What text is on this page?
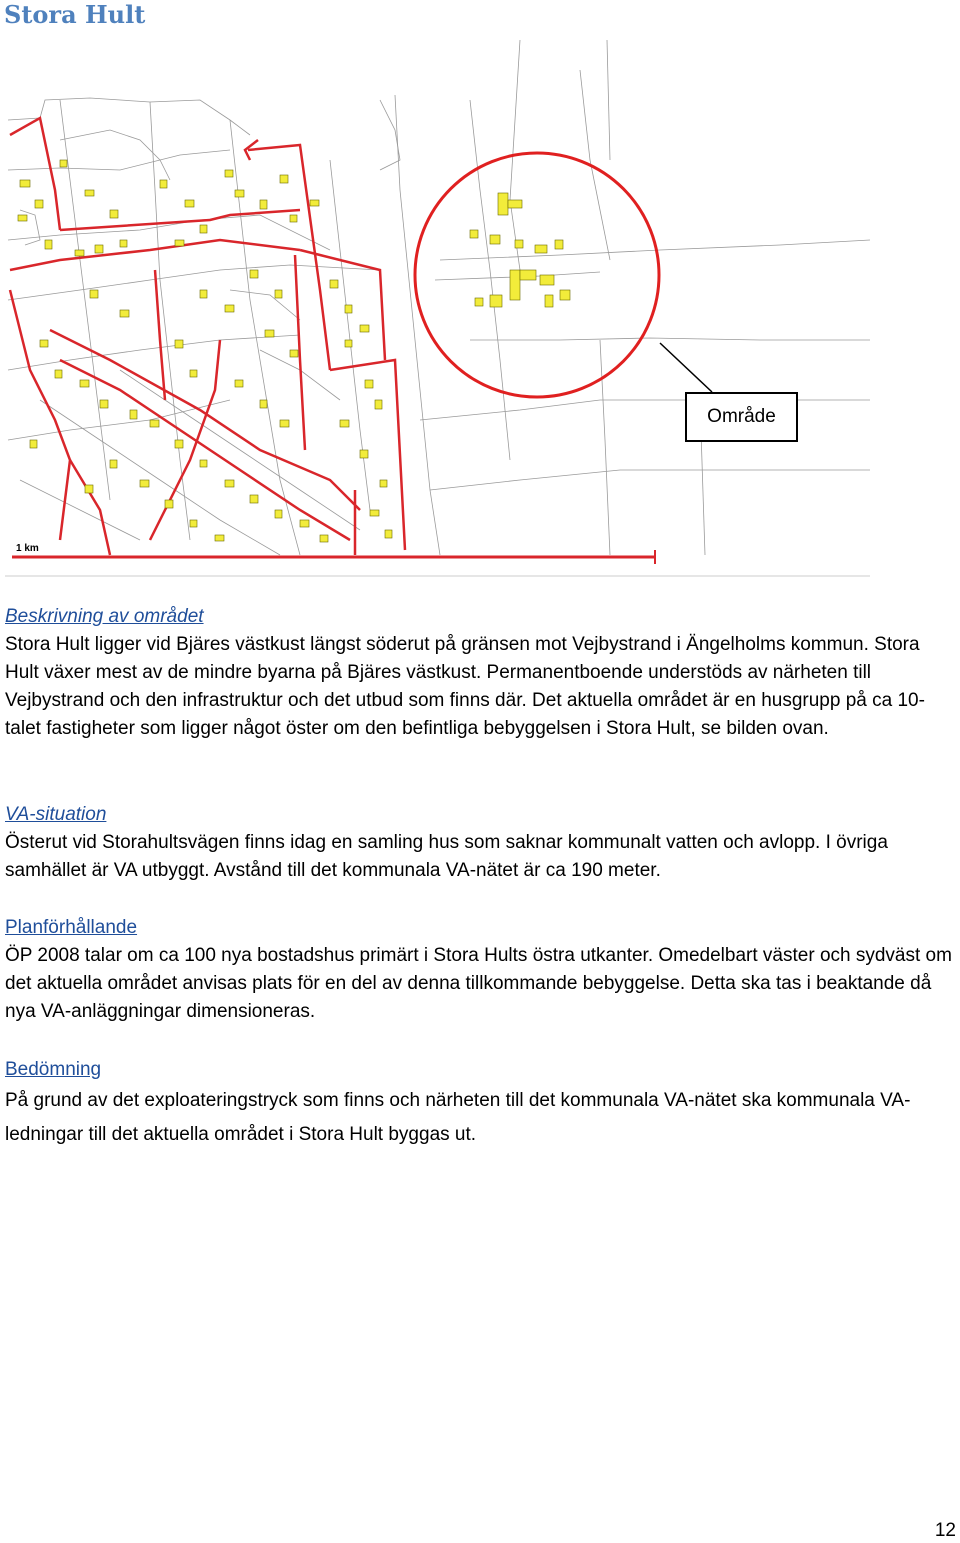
Stora Hult
1 km
Område
Beskrivning av området

Stora Hult ligger vid Bjäres västkust längst söderut på gränsen mot Vejbystrand i Ängelholms kommun. Stora Hult växer mest av de mindre byarna på Bjäres västkust. Permanentboende understöds av närheten till Vejbystrand och den infrastruktur och det utbud som finns där. Det aktuella området är en husgrupp på ca 10-talet fastigheter som ligger något öster om den befintliga bebyggelsen i Stora Hult, se bilden ovan.

VA-situation

Österut vid Storahultsvägen finns idag en samling hus som saknar kommunalt vatten och avlopp. I övriga samhället är VA utbyggt. Avstånd till det kommunala VA-nätet är ca 190 meter.

Planförhållande

ÖP 2008 talar om ca 100 nya bostadshus primärt i Stora Hults östra utkanter. Omedelbart väster och sydväst om det aktuella området anvisas plats för en del av denna tillkommande bebyggelse. Detta ska tas i beaktande då nya VA-anläggningar dimensioneras.

Bedömning

På grund av det exploateringstryck som finns och närheten till det kommunala VA-nätet ska kommunala VA-ledningar till det aktuella området i Stora Hult byggas ut.

12
